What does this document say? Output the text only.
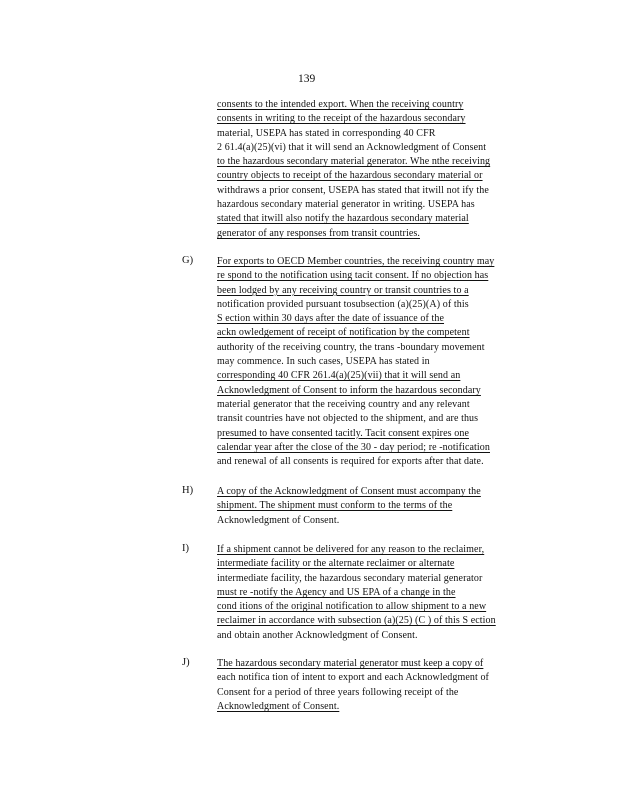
139
consents to the intended export. When the receiving country
consents in writing to the receipt of the hazardous secondary
material, USEPA has stated in corresponding 40 CFR
2 61.4(a)(25)(vi) that it will send an Acknowledgment of Consent
to the hazardous secondary material generator. Whe nthe receiving
country objects to receipt of the hazardous secondary material or
withdraws a prior consent, USEPA has stated that itwill not ify the
hazardous secondary material generator in writing. USEPA has
stated that itwill also notify the hazardous secondary material
generator of any responses from transit countries.
G) For exports to OECD Member countries, the receiving country may
re spond to the notification using tacit consent. If no objection has
been lodged by any receiving country or transit countries to a
notification provided pursuant tosubsection (a)(25)(A) of this
S ection within 30 days after the date of issuance of the
ackn owledgement of receipt of notification by the competent
authority of the receiving country, the trans -boundary movement
may commence. In such cases, USEPA has stated in
corresponding 40 CFR 261.4(a)(25)(vii) that it will send an
Acknowledgment of Consent to inform the hazardous secondary
material generator that the receiving country and any relevant
transit countries have not objected to the shipment, and are thus
presumed to have consented tacitly. Tacit consent expires one
calendar year after the close of the 30 - day period; re -notification
and renewal of all consents is required for exports after that date.
H) A copy of the Acknowledgment of Consent must accompany the
shipment. The shipment must conform to the terms of the
Acknowledgment of Consent.
I)	If a shipment cannot be delivered for any reason to the reclaimer,
intermediate facility or the alternate reclaimer or alternate
intermediate facility, the hazardous secondary material generator
must re -notify the Agency and US EPA of a change in the
cond itions of the original notification to allow shipment to a new
reclaimer in accordance with subsection (a)(25) (C ) of this S ection
and obtain another Acknowledgment of Consent.
J)	The hazardous secondary material generator must keep a copy of
each notifica tion of intent to export and each Acknowledgment of
Consent for a period of three years following receipt of the
Acknowledgment of Consent.
